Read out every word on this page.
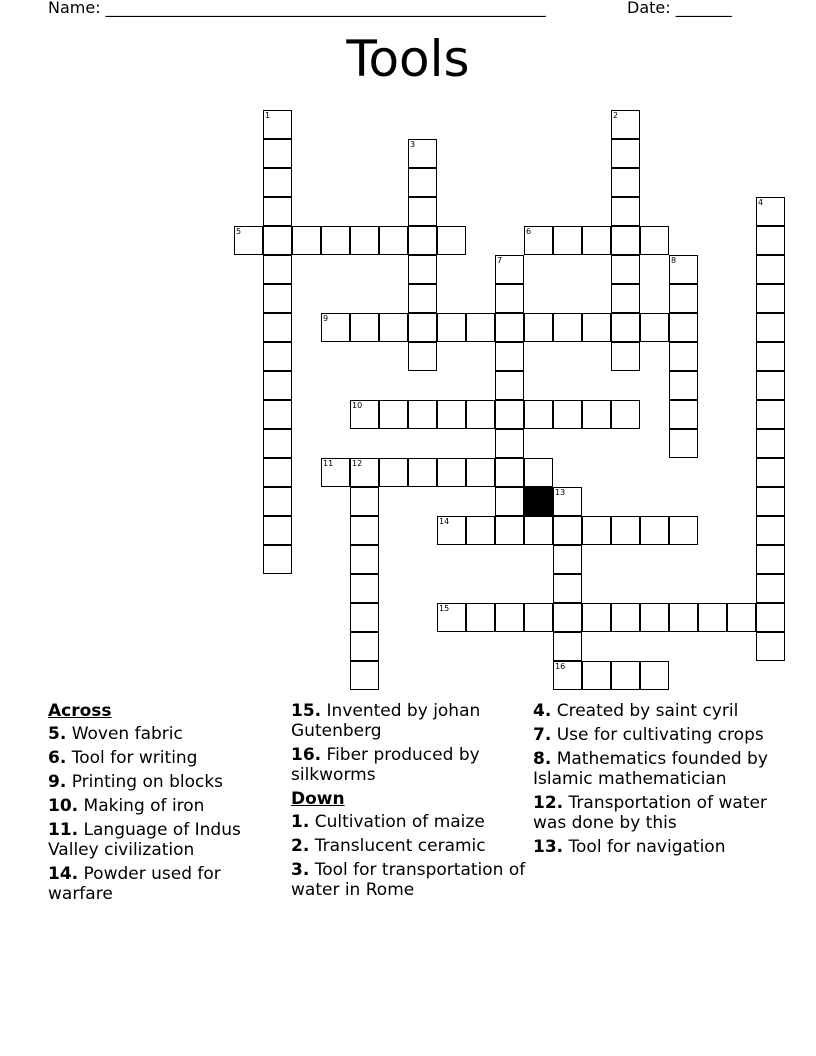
Name: _______________________________________________________	Date: _______
Tools
1	2
3
4
5	6
7	8
9
10
11 12
13
16
14
15
Across
5. Woven fabric
6. Tool for writing
9. Printing on blocks
10. Making of iron
11. Language of Indus Valley civilization
14. Powder used for warfare
15. Invented by johan Gutenberg
16. Fiber produced by silkworms
Down
1. Cultivation of maize
2. Translucent ceramic
3. Tool for transportation of water in Rome
4. Created by saint cyril
7. Use for cultivating crops
8. Mathematics founded by Islamic mathematician
12. Transportation of water was done by this
13. Tool for navigation
